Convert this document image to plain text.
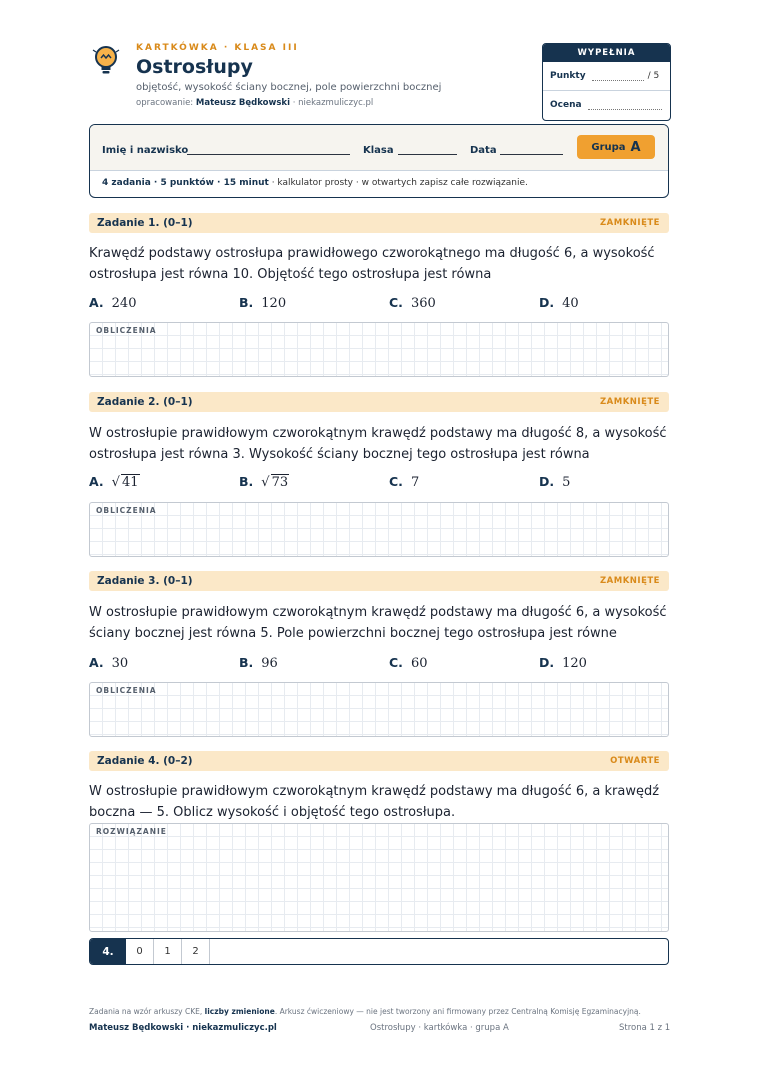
KARTKÓWKA · KLASA III
Ostrosłupy
objętość, wysokość ściany bocznej, pole powierzchni bocznej
opracowanie: Mateusz Będkowski · niekazmuliczyc.pl
WYPEŁNIA NAUCZYCIEL
Punkty	/ 5
Ocena
Imię i nazwisko	Klasa	Data	Grupa A
4 zadania · 5 punktów · 15 minut · kalkulator prosty · w otwartych zapisz całe rozwiązanie.
Zadanie 1. (0–1)	ZAMKNIĘTE
Krawędź podstawy ostrosłupa prawidłowego czworokątnego ma długość 6, a wysokość
ostrosłupa jest równa 10. Objętość tego ostrosłupa jest równa
A. 240	B. 120	C. 360	D. 40
OBLICZENIA
Zadanie 2. (0–1)	ZAMKNIĘTE
W ostrosłupie prawidłowym czworokątnym krawędź podstawy ma długość 8, a wysokość
ostrosłupa jest równa 3. Wysokość ściany bocznej tego ostrosłupa jest równa
A. √ 41	B. √ 73	C. 7	D. 5
OBLICZENIA
Zadanie 3. (0–1)	ZAMKNIĘTE
W ostrosłupie prawidłowym czworokątnym krawędź podstawy ma długość 6, a wysokość
ściany bocznej jest równa 5. Pole powierzchni bocznej tego ostrosłupa jest równe
A. 30	B. 96	C. 60	D. 120
OBLICZENIA
Zadanie 4. (0–2)	OTWARTE
W ostrosłupie prawidłowym czworokątnym krawędź podstawy ma długość 6, a krawędź
boczna — 5. Oblicz wysokość i objętość tego ostrosłupa.
ROZWIĄZANIE
4.	0	1	2
Zadania na wzór arkuszy CKE, liczby zmienione. Arkusz ćwiczeniowy — nie jest tworzony ani firmowany przez Centralną Komisję Egzaminacyjną.
Mateusz Będkowski · niekazmuliczyc.pl	Ostrosłupy · kartkówka · grupa A	Strona 1 z 1
